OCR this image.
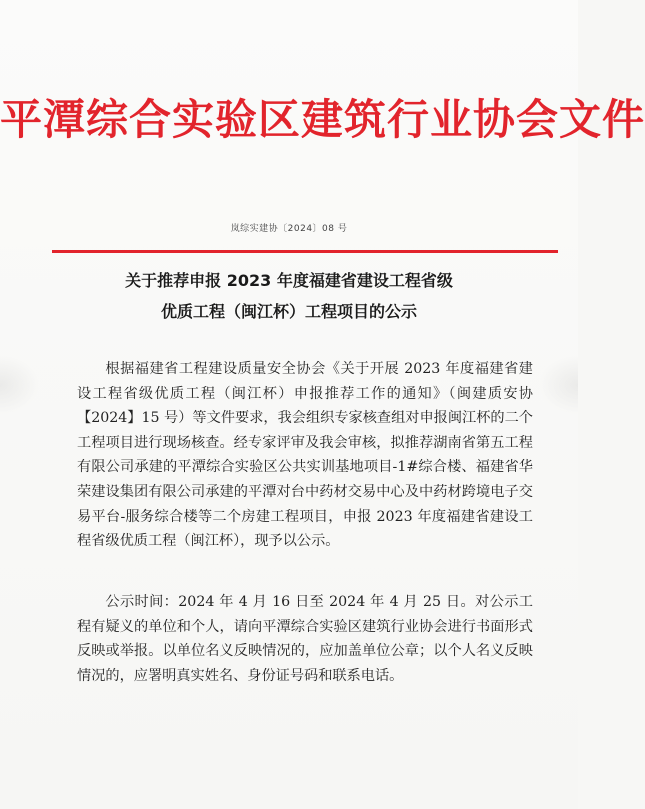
平潭综合实验区建筑行业协会文件
岚综实建协〔2024〕08 号
关于推荐申报 2023 年度福建省建设工程省级
优质工程（闽江杯）工程项目的公示

根据福建省工程建设质量安全协会《关于开展 2023 年度福建省建设工程省级优质工程（闽江杯）申报推荐工作的通知》（闽建质安协【2024】15 号）等文件要求，我会组织专家核查组对申报闽江杯的二个工程项目进行现场核查。经专家评审及我会审核，拟推荐湖南省第五工程有限公司承建的平潭综合实验区公共实训基地项目-1#综合楼、福建省华荣建设集团有限公司承建的平潭对台中药材交易中心及中药材跨境电子交易平台-服务综合楼等二个房建工程项目，申报 2023 年度福建省建设工程省级优质工程（闽江杯），现予以公示。

公示时间：2024 年 4 月 16 日至 2024 年 4 月 25 日。对公示工程有疑义的单位和个人，请向平潭综合实验区建筑行业协会进行书面形式反映或举报。以单位名义反映情况的，应加盖单位公章；以个人名义反映情况的，应署明真实姓名、身份证号码和联系电话。
